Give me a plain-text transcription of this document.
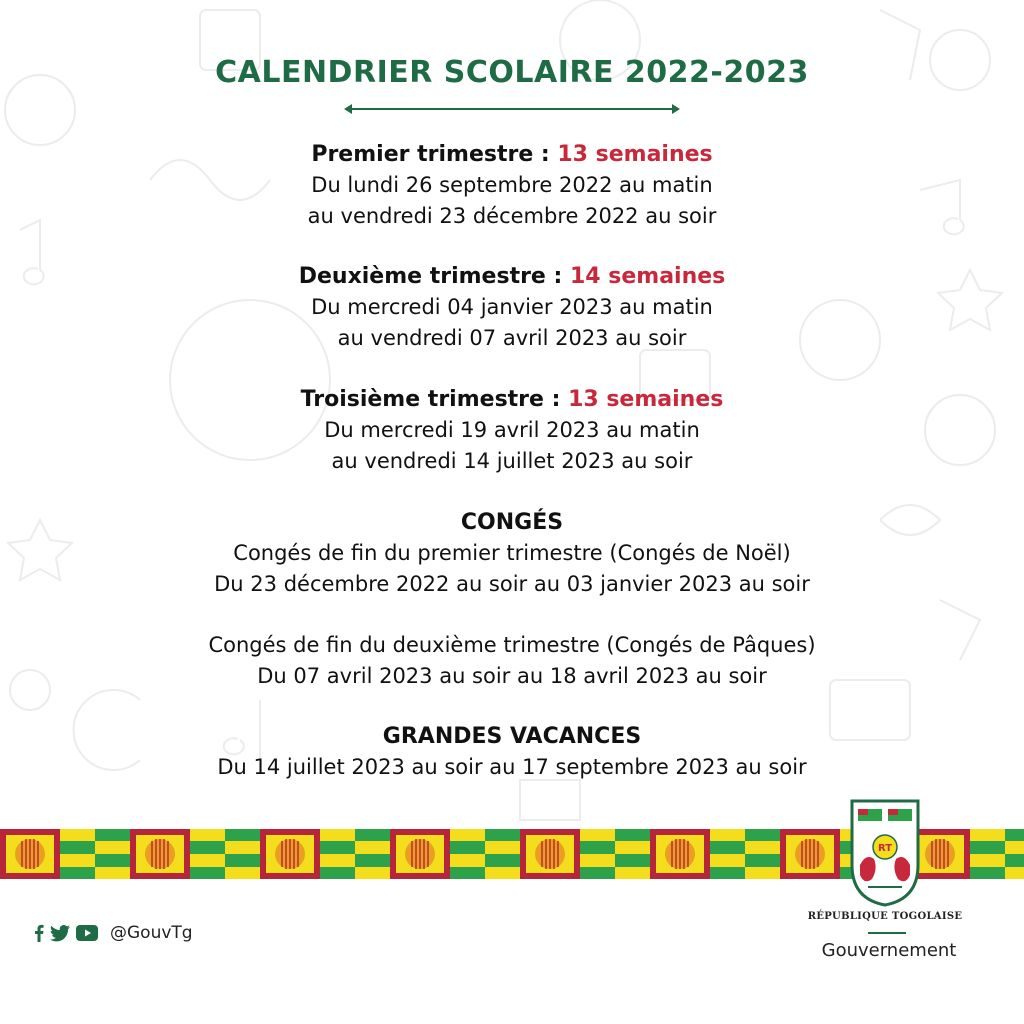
CALENDRIER SCOLAIRE 2022-2023
Premier trimestre : 13 semaines
Du lundi 26 septembre 2022 au matin
au vendredi 23 décembre 2022 au soir
Deuxième trimestre : 14 semaines
Du mercredi 04 janvier 2023 au matin
au vendredi 07 avril 2023 au soir
Troisième trimestre : 13 semaines
Du mercredi 19 avril 2023 au matin
au vendredi 14 juillet 2023 au soir
CONGÉS
Congés de fin du premier trimestre (Congés de Noël)
Du 23 décembre 2022 au soir au 03 janvier 2023 au soir
Congés de fin du deuxième trimestre (Congés de Pâques)
Du 07 avril 2023 au soir au 18 avril 2023 au soir
GRANDES VACANCES
Du 14 juillet 2023 au soir au 17 septembre 2023 au soir
RT
RÉPUBLIQUE TOGOLAISE
Gouvernement
@GouvTg
